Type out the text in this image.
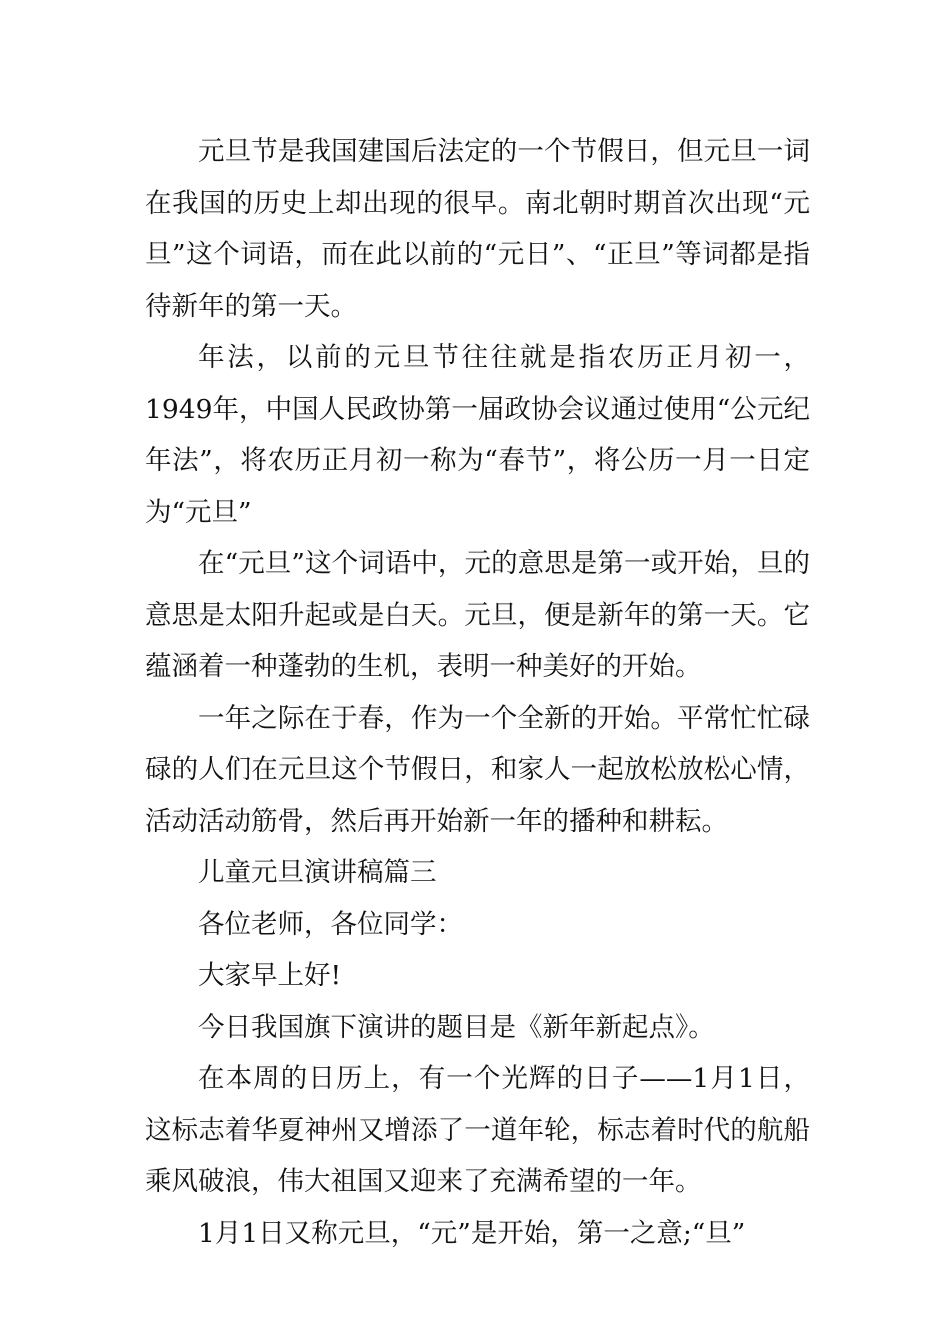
元旦节是我国建国后法定的一个节假日，但元旦一词在我国的历史上却出现的很早。南北朝时期首次出现“元旦”这个词语，而在此以前的“元日”、“正旦”等词都是指待新年的第一天。

年法，以前的元旦节往往就是指农历正月初一，1949年，中国人民政协第一届政协会议通过使用“公元纪年法”，将农历正月初一称为“春节”，将公历一月一日定为“元旦”

在“元旦”这个词语中，元的意思是第一或开始，旦的意思是太阳升起或是白天。元旦，便是新年的第一天。它蕴涵着一种蓬勃的生机，表明一种美好的开始。

一年之际在于春，作为一个全新的开始。平常忙忙碌碌的人们在元旦这个节假日，和家人一起放松放松心情，活动活动筋骨，然后再开始新一年的播种和耕耘。

儿童元旦演讲稿篇三

各位老师，各位同学：

大家早上好!

今日我国旗下演讲的题目是《新年新起点》。

在本周的日历上，有一个光辉的日子——1月1日，这标志着华夏神州又增添了一道年轮，标志着时代的航船乘风破浪，伟大祖国又迎来了充满希望的一年。

1月1日又称元旦，“元”是开始，第一之意;“旦”
